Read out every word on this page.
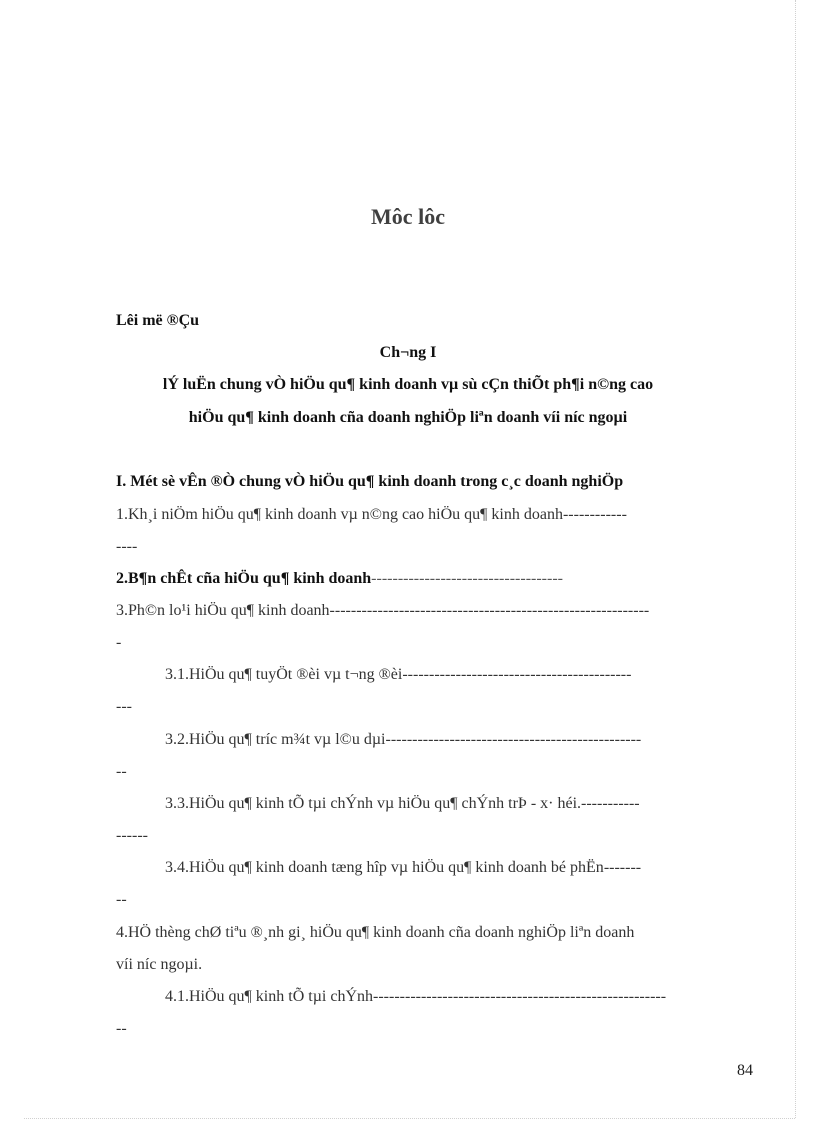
Môc lôc
Lêi më ®Çu
Ch¬ng I
lÝ luËn chung vÒ hiÖu qu¶ kinh doanh vµ sù cÇn thiÕt ph¶i n©ng cao
hiÖu qu¶ kinh doanh cña doanh nghiÖp liªn doanh víi níc ngoµi
I. Mét sè vÊn ®Ò chung vÒ hiÖu qu¶ kinh doanh trong c¸c doanh nghiÖp
1.Kh¸i niÖm hiÖu qu¶ kinh doanh vµ n©ng cao hiÖu qu¶ kinh doanh------------
----
2.B¶n chÊt cña hiÖu qu¶ kinh doanh------------------------------------
3.Ph©n lo¹i hiÖu qu¶ kinh doanh------------------------------------------------------------
-
3.1.HiÖu qu¶ tuyÖt ®èi vµ t¬ng ®èi-------------------------------------------
---
3.2.HiÖu qu¶ tríc m¾t vµ l©u dµi------------------------------------------------
--
3.3.HiÖu qu¶ kinh tÕ tµi chÝnh vµ hiÖu qu¶ chÝnh trÞ - x· héi.-----------
------
3.4.HiÖu qu¶ kinh doanh tæng hîp vµ hiÖu qu¶ kinh doanh bé phËn-------
--
4.HÖ thèng chØ tiªu ®¸nh gi¸ hiÖu qu¶ kinh doanh cña doanh nghiÖp liªn doanh
víi níc ngoµi.
4.1.HiÖu qu¶ kinh tÕ tµi chÝnh-------------------------------------------------------
--
84
